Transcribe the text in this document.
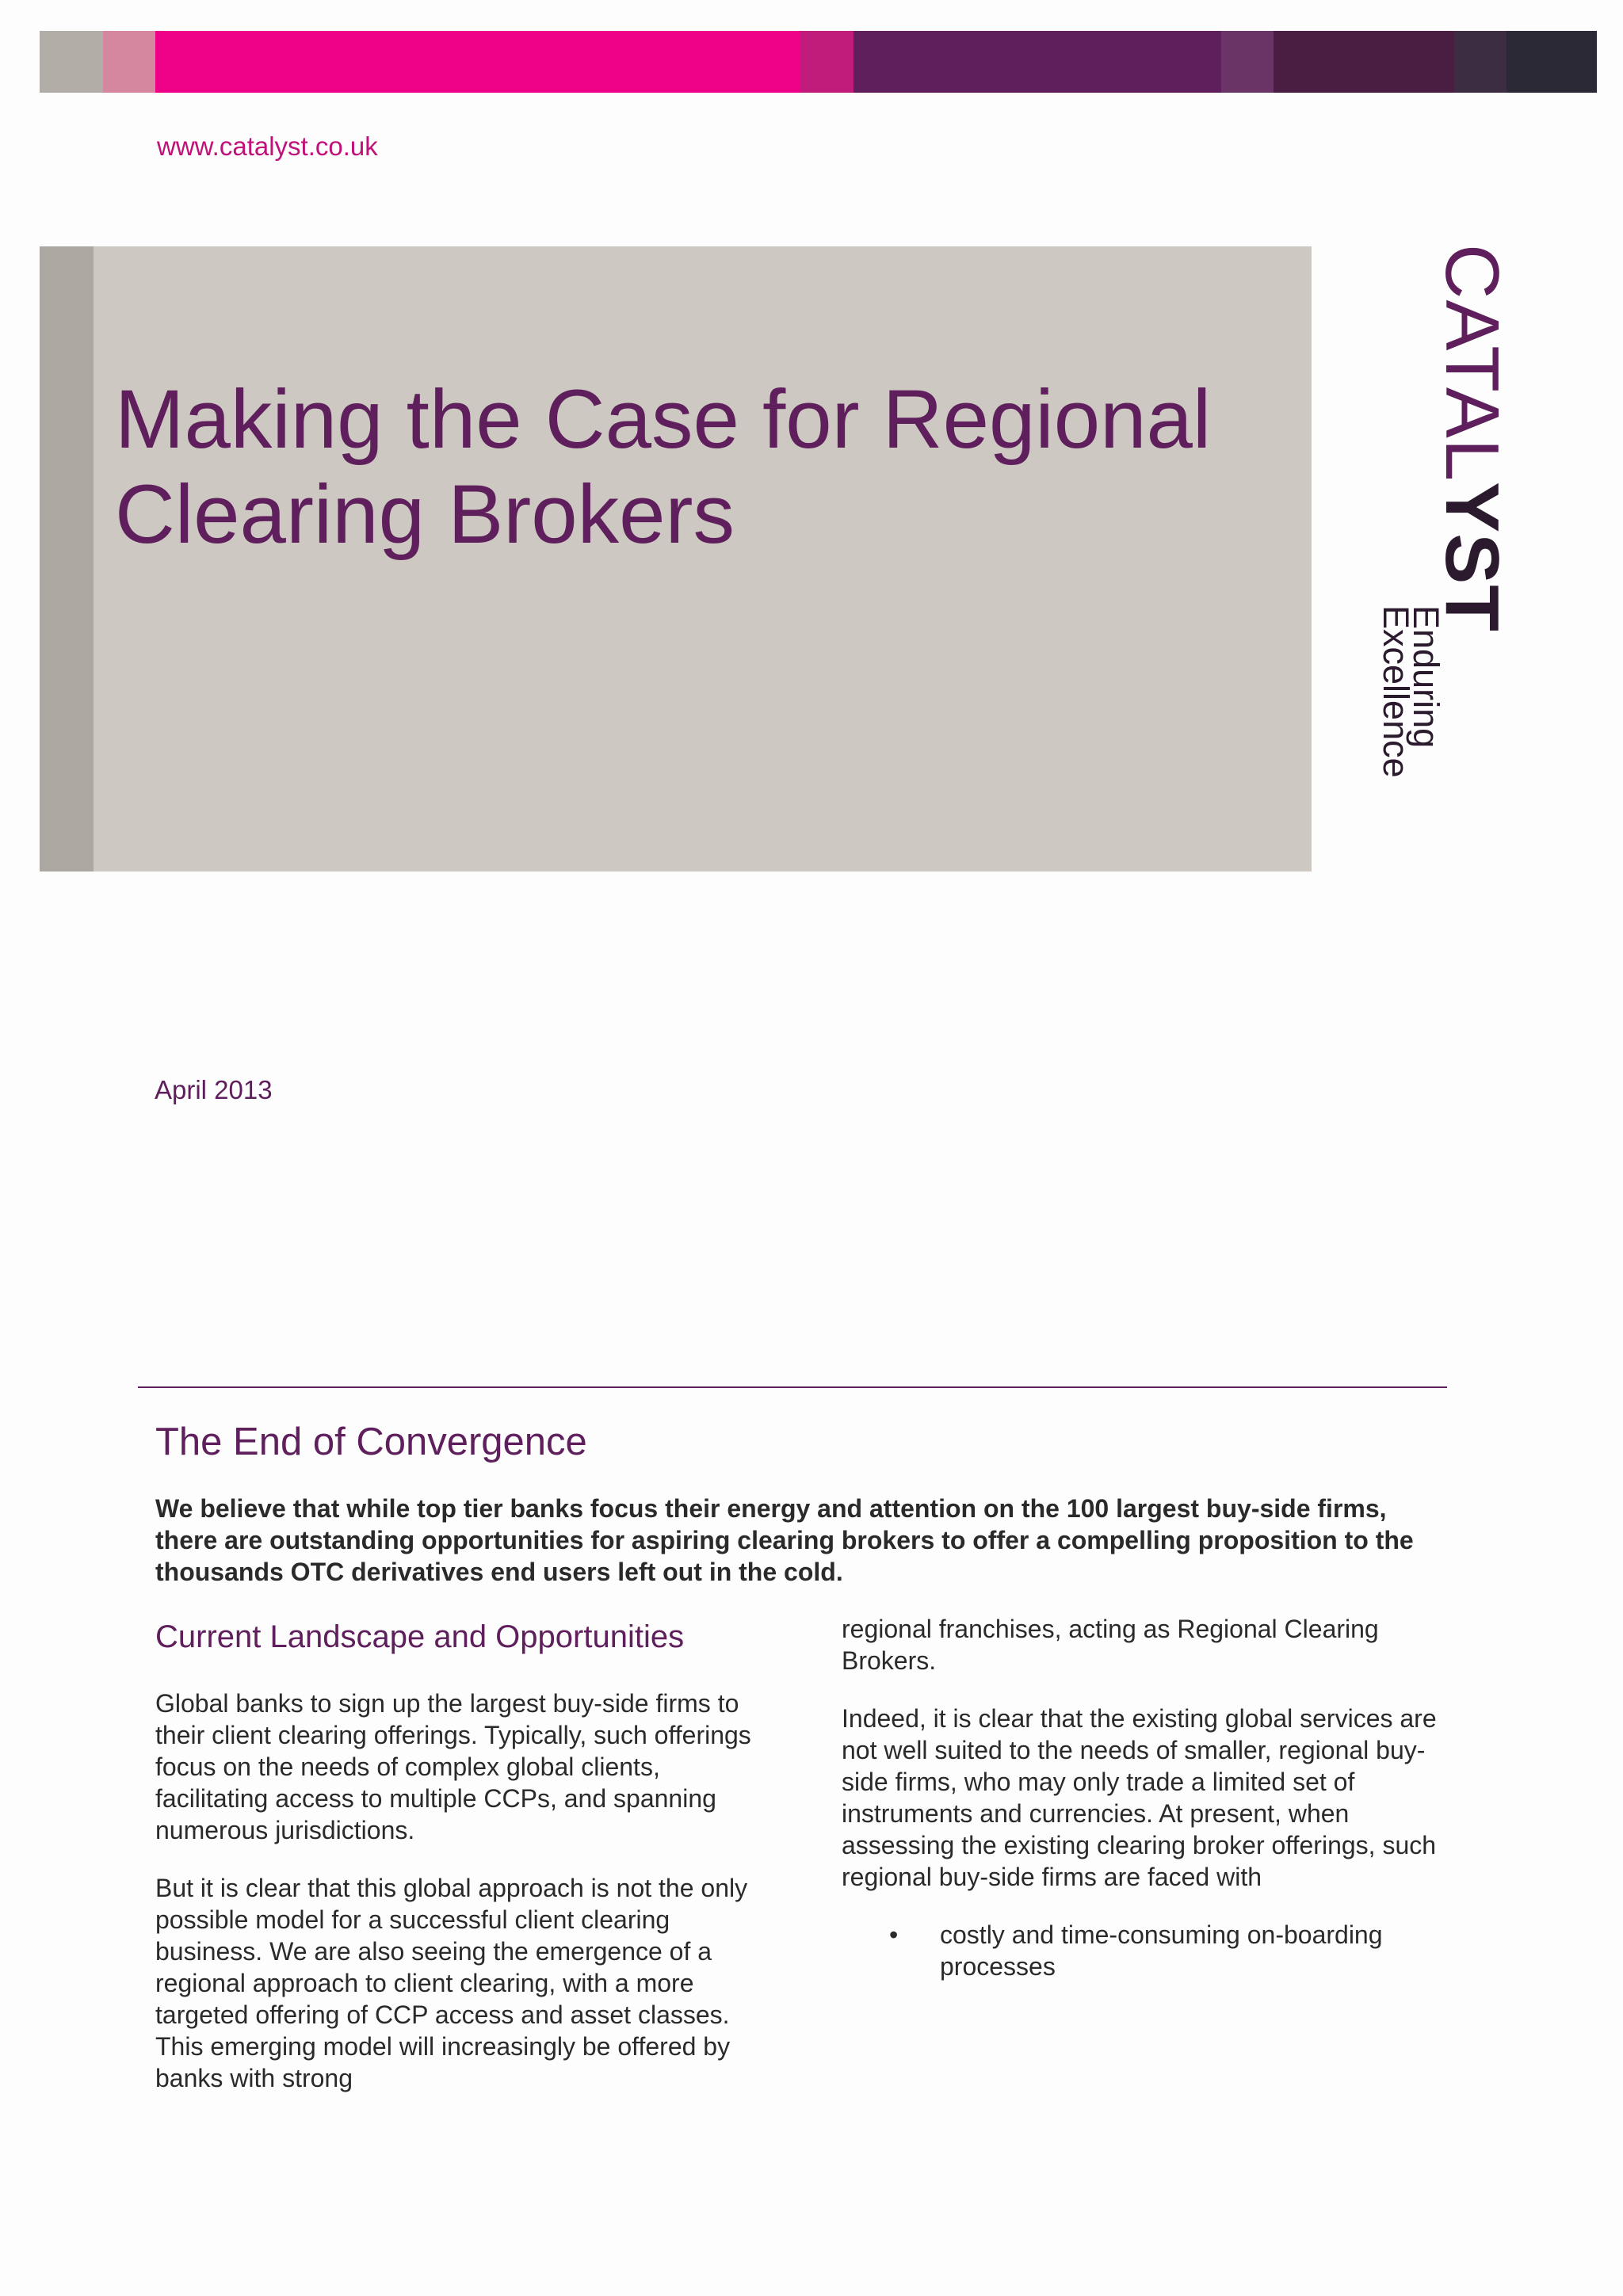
www.catalyst.co.uk
Making the Case for Regional Clearing Brokers
CATAL
YST
Enduring
Excellence
April 2013
The End of Convergence

We believe that while top tier banks focus their energy and attention on the 100 largest buy-side firms, there are outstanding opportunities for aspiring clearing brokers to offer a compelling proposition to the thousands OTC derivatives end users left out in the cold.

Current Landscape and Opportunities

Global banks to sign up the largest buy-side firms to their client clearing offerings. Typically, such offerings focus on the needs of complex global clients, facilitating access to multiple CCPs, and spanning numerous jurisdictions.

But it is clear that this global approach is not the only possible model for a successful client clearing business. We are also seeing the emergence of a regional approach to client clearing, with a more targeted offering of CCP access and asset classes. This emerging model will increasingly be offered by banks with strong

regional franchises, acting as Regional Clearing Brokers.

Indeed, it is clear that the existing global services are not well suited to the needs of smaller, regional buy-side firms, who may only trade a limited set of instruments and currencies. At present, when assessing the existing clearing broker offerings, such regional buy-side firms are faced with

• costly and time-consuming on-boarding processes
